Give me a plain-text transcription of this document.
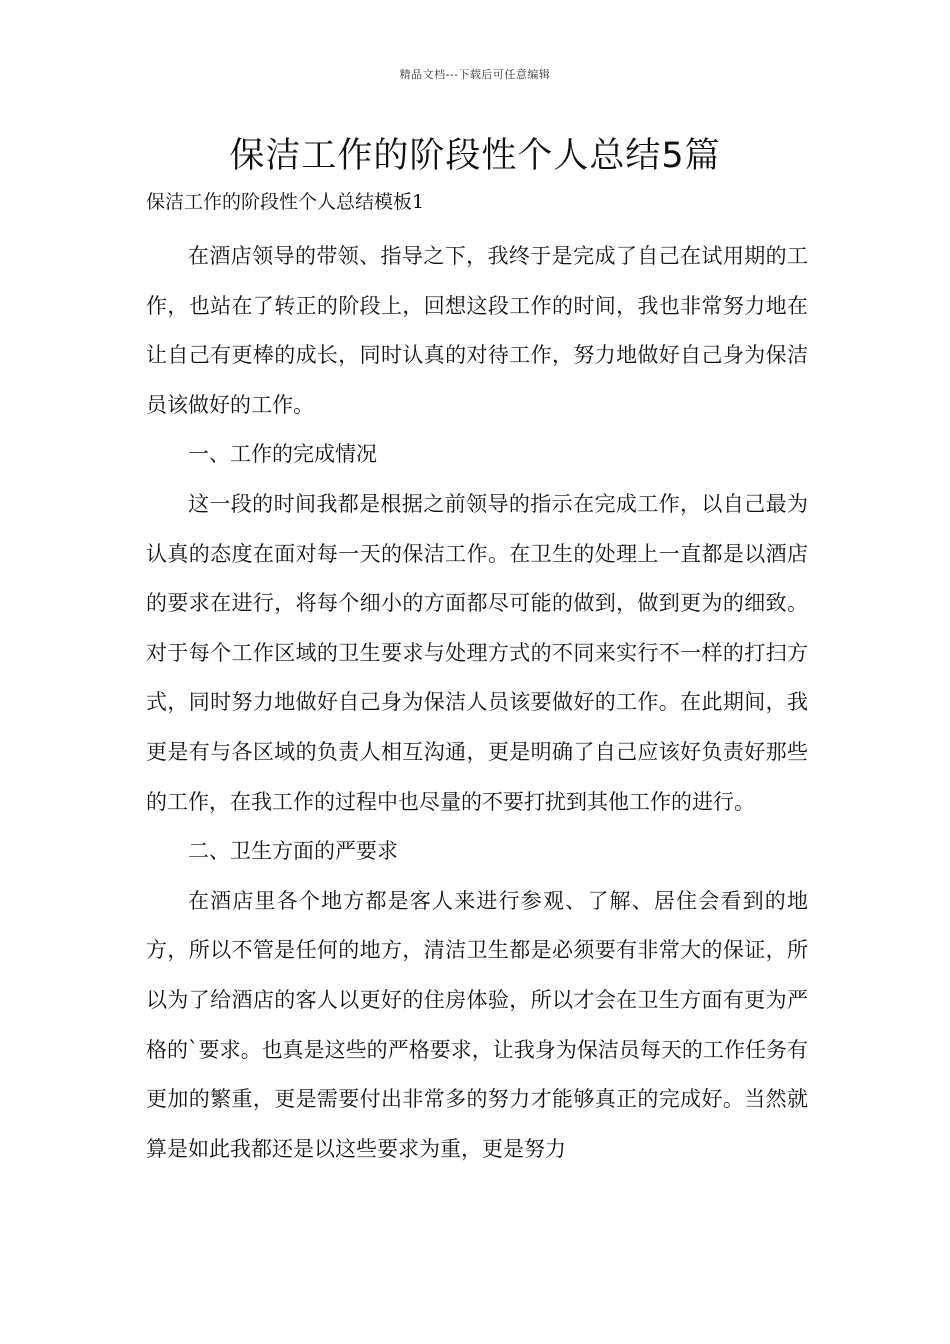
精品文档---下载后可任意编辑
保洁工作的阶段性个人总结5篇
保洁工作的阶段性个人总结模板1

在酒店领导的带领、指导之下，我终于是完成了自己在试用期的工作，也站在了转正的阶段上，回想这段工作的时间，我也非常努力地在让自己有更棒的成长，同时认真的对待工作，努力地做好自己身为保洁员该做好的工作。

一、工作的完成情况

这一段的时间我都是根据之前领导的指示在完成工作，以自己最为认真的态度在面对每一天的保洁工作。在卫生的处理上一直都是以酒店的要求在进行，将每个细小的方面都尽可能的做到，做到更为的细致。对于每个工作区域的卫生要求与处理方式的不同来实行不一样的打扫方式，同时努力地做好自己身为保洁人员该要做好的工作。在此期间，我更是有与各区域的负责人相互沟通，更是明确了自己应该好负责好那些的工作，在我工作的过程中也尽量的不要打扰到其他工作的进行。

二、卫生方面的严要求

在酒店里各个地方都是客人来进行参观、了解、居住会看到的地方，所以不管是任何的地方，清洁卫生都是必须要有非常大的保证，所以为了给酒店的客人以更好的住房体验，所以才会在卫生方面有更为严格的`要求。也真是这些的严格要求，让我身为保洁员每天的工作任务有更加的繁重，更是需要付出非常多的努力才能够真正的完成好。当然就算是如此我都还是以这些要求为重，更是努力
